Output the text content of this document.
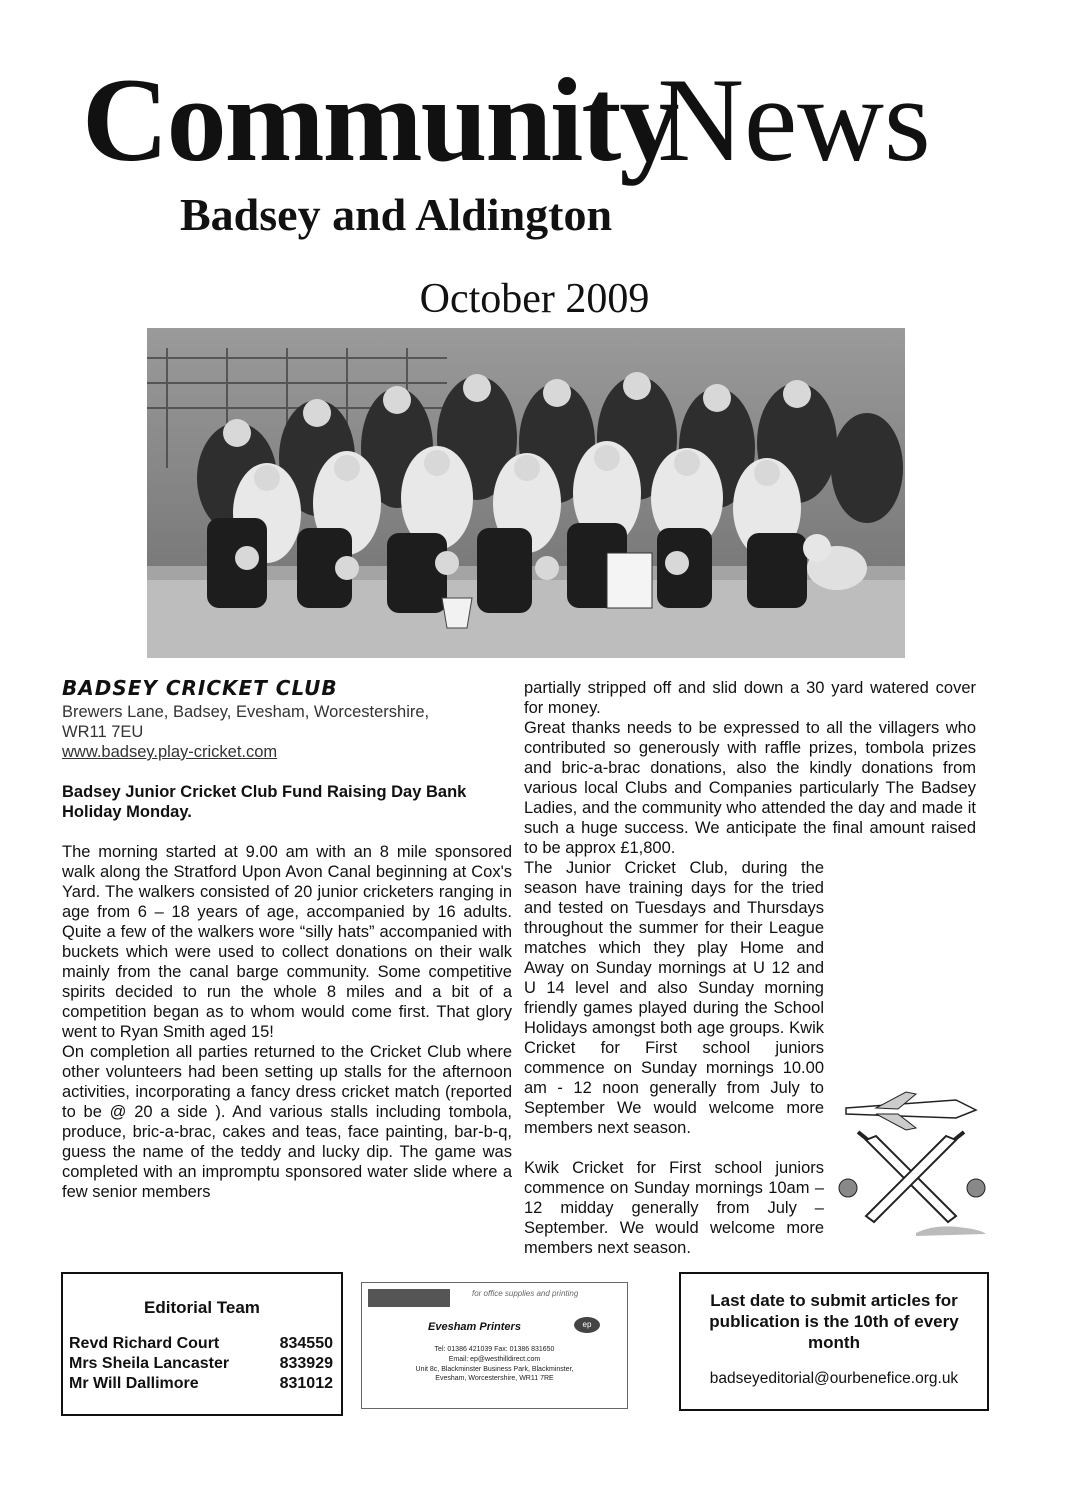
CommunityNews
Badsey and Aldington
October 2009
BADSEY CRICKET CLUB
Brewers Lane, Badsey, Evesham, Worcestershire,
WR11 7EU
www.badsey.play-cricket.com
Badsey Junior Cricket Club Fund Raising Day Bank Holiday Monday.

The morning started at 9.00 am with an 8 mile sponsored walk along the Stratford Upon Avon Canal beginning at Cox's Yard. The walkers consisted of 20 junior cricketers ranging in age from 6 – 18 years of age, accompanied by 16 adults. Quite a few of the walkers wore “silly hats” accompanied with buckets which were used to collect donations on their walk mainly from the canal barge community. Some competitive spirits decided to run the whole 8 miles and a bit of a competition began as to whom would come first. That glory went to Ryan Smith aged 15!

On completion all parties returned to the Cricket Club where other volunteers had been setting up stalls for the afternoon activities, incorporating a fancy dress cricket match (reported to be @ 20 a side ). And various stalls including tombola, produce, bric-a-brac, cakes and teas, face painting, bar-b-q, guess the name of the teddy and lucky dip. The game was completed with an impromptu sponsored water slide where a few senior members

partially stripped off and slid down a 30 yard watered cover for money.

Great thanks needs to be expressed to all the villagers who contributed so generously with raffle prizes, tombola prizes and bric-a-brac donations, also the kindly donations from various local Clubs and Companies particularly The Badsey Ladies, and the community who attended the day and made it such a huge success. We anticipate the final amount raised to be approx £1,800.

The Junior Cricket Club, during the season have training days for the tried and tested on Tuesdays and Thursdays throughout the summer for their League matches which they play Home and Away on Sunday mornings at U 12 and U 14 level and also Sunday morning friendly games played during the School Holidays amongst both age groups. Kwik Cricket for First school juniors commence on Sunday mornings 10.00 am - 12 noon generally from July to September We would welcome more members next season.

Kwik Cricket for First school juniors commence on Sunday mornings 10am – 12 midday generally from July – September. We would welcome more members next season.

Editorial Team
Revd Richard Court	834550
Mrs Sheila Lancaster	833929
Mr Will Dallimore	831012
for office supplies and printing
Evesham Printers	ep
Tel: 01386 421039 Fax: 01386 831650
Email: ep@westhilldirect.com
Unit 8c, Blackminster Business Park, Blackminster,
Evesham, Worcestershire, WR11 7RE
Last date to submit articles for publication is the 10th of every month
badseyeditorial@ourbenefice.org.uk
